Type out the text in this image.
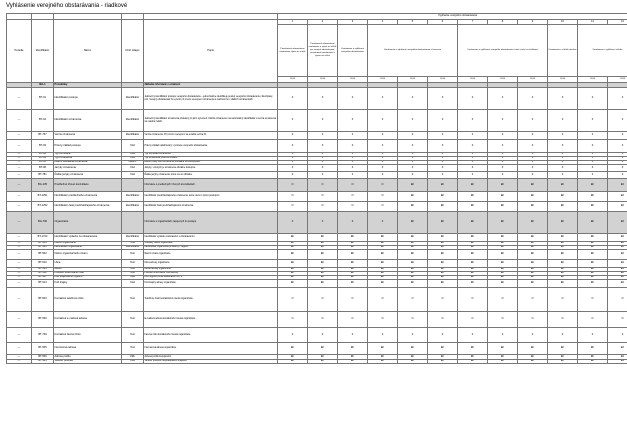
Vyhlásenie verejného obstarávania - riadkové
					Vyplňanie verejného obstarávania											
Poradie	Identifikátor	Názov	Druh údajov	Popis	1	2	3	4	5	6	7	8	9	10	11	12
					Prieskumné informatívne oznámenie výzva na súťaž	Prieskumné informatívne oznámenie o výzve na súťaž pre verejné obstarávanie, prieskumné oznámenie o výzve na súťaž	Oznámenie o vyhlásení verejného obstarávania	Oznámenie o vyhlásení verejného obstarávania a koncesie			Oznámenie o vyhlásení verejného obstarávania, ktoré súvisí so službami			Oznámenie o súťaži návrhov	Oznámenie o vyhlásení súťaže	
					2014	2014	2014	2014	2014	2014	2014	2014	2014	2014	2014	2014
	BG-1	Poznámky		Základné informácie o oznámení												
—	BT-01	Identifikátor postupu	Identifikátor	Jedinečný identifikátor postupu verejného obstarávania – jednoznačne identifikuje postup verejného obstarávania v Európskej únii. Verejný obstarávateľ ho vytvorí pri prvom uverejnení oznámenia a zachová ho v ďalších oznámeniach.	F	F	F	F	F	F	F	F	F	F	F	F
—	BT-04	Identifikátor oznámenia	Identifikátor	Jedinečný identifikátor oznámenia pridelený pri jeho vytvorení. Každé oznámenie má samostatný identifikátor a verzia oznámenia sa uvádza zvlášť.	F	F	F	F	F	F	F	F	F	F	F	F
—	BT-757	Verzia oznámenia	Identifikátor	Verzia oznámenia. Pri prvom uverejnení sa uvádza verzia 01.	F	F	F	F	F	F	F	F	F	F	F	F
—	BT-03	Právny základ postupu	Kód	Právny základ uplatňovaný v postupe verejného obstarávania.	F	F	F	F	F	F	F	F	F	F	F	F
—	BT-02	Typ formulára	Kód	Typ formulára oznámenia.	F	F	F	F	F	F	F	F	F	F	F	F
—	BT-03	Typ oznámenia	Kód	Typ oznámenia podľa formulára.	F	F	F	F	F	F	F	F	F	F	F	F
—	BT-05	Dátum odoslania oznámenia	Dátum	Dátum, kedy bolo oznámenie odoslané na uverejnenie.	F	F	F	F	F	F	F	F	F	F	F	F
—	BT-08	Jazyky oznámenia	Kód	Jazyky, v ktorých je oznámenie oficiálne dostupné.	F	F	F	F	F	F	F	F	F	F	F	F
—	BT-781	Ďalšie jazyky oznámenia	Kód	Ďalšie jazyky oznámenia, ktoré nie sú oficiálne.	F	F	F	F	F	F	F	F	F	F	F	F
—	BG-105	Predbežné trhové konzultácie		Informácie o predbežných trhových konzultáciách.	O	O	O	O	EF	EF	EF	EF	EF	EF	EF	EF
—	BT-1251	Identifikátor predbežného oznámenia	Identifikátor	Identifikátor predchádzajúceho oznámenia, ktoré súvisí s týmto postupom.	O	O	O	O	EF	EF	EF	EF	EF	EF	EF	EF
—	BT-1252	Identifikátor časti predchádzajúceho oznámenia	Identifikátor	Identifikátor časti predchádzajúceho oznámenia.	O	O	O	O	EF	EF	EF	EF	EF	EF	EF	EF
—	BG-700	Organizácie		Informácie o organizáciách zapojených do postupu.	F	F	F	F	EF	EF	EF	EF	EF	EF	EF	EF
—	BT-1722	Identifikátor výdavku za obstarávanie	Identifikátor	Identifikátor výdavku súvisiaceho s obstarávaním.	EF	EF	EF	EF	EF	EF	EF	EF	EF	EF	EF	EF
—	BT-500	Názov organizácie	Text	Oficiálny názov organizácie.	EF	EF	EF	EF	EF	EF	EF	EF	EF	EF	EF	EF
—	BT-501	Identifikátor organizácie	Identifikátor	Identifikátor organizácie pridelený v registri.	EF	EF	EF	EF	EF	EF	EF	EF	EF	EF	EF	EF
—	BT-502	Názov organizačného útvaru	Text	Názov útvaru organizácie.	EF	EF	EF	EF	EF	EF	EF	EF	EF	EF	EF	EF
—	BT-510	Ulica	Text	Ulica adresy organizácie.	EF	EF	EF	EF	EF	EF	EF	EF	EF	EF	EF	EF
—	BT-513	Mesto	Text	Mesto adresy organizácie.	EF	EF	EF	EF	EF	EF	EF	EF	EF	EF	EF	EF
—	BT-512	Poštové smerovacie číslo	Text	Poštové smerovacie číslo adresy.	EF	EF	EF	EF	EF	EF	EF	EF	EF	EF	EF	EF
—	BT-507	Kód krajinského regiónu	Kód	Kód regiónu podľa klasifikácie NUTS.	EF	EF	EF	EF	EF	EF	EF	EF	EF	EF	EF	EF
—	BT-514	Kód krajiny	Kód	Kód krajiny adresy organizácie.	EF	EF	EF	EF	EF	EF	EF	EF	EF	EF	EF	EF
—	BT-503	Kontaktné telefónne číslo	Text	Telefónne číslo kontaktného miesta organizácie.	O	O	O	O	O	O	O	O	O	O	O	O
—	BT-506	Kontaktná e-mailová adresa	Text	E-mailová adresa kontaktného miesta organizácie.	O	O	O	O	O	O	O	O	O	O	O	O
—	BT-739	Kontaktné faxové číslo	Text	Faxové číslo kontaktného miesta organizácie.	F	F	F	F	F	F	F	F	F	F	F	F
—	BT-505	Internetová adresa	Text	Internetová adresa organizácie.	EF	EF	EF	EF	EF	EF	EF	EF	EF	EF	EF	EF
—	BT-509	Adresa profilu	URL	Adresa profilu kupujúceho.	EF	EF	EF	EF	EF	EF	EF	EF	EF	EF	EF	EF
—	BT-165	Veľkosť podniku	Kód	Veľkosť podniku hospodárskeho subjektu.	EF	EF	EF	EF	EF	EF	EF	EF	EF	EF	EF	EF
